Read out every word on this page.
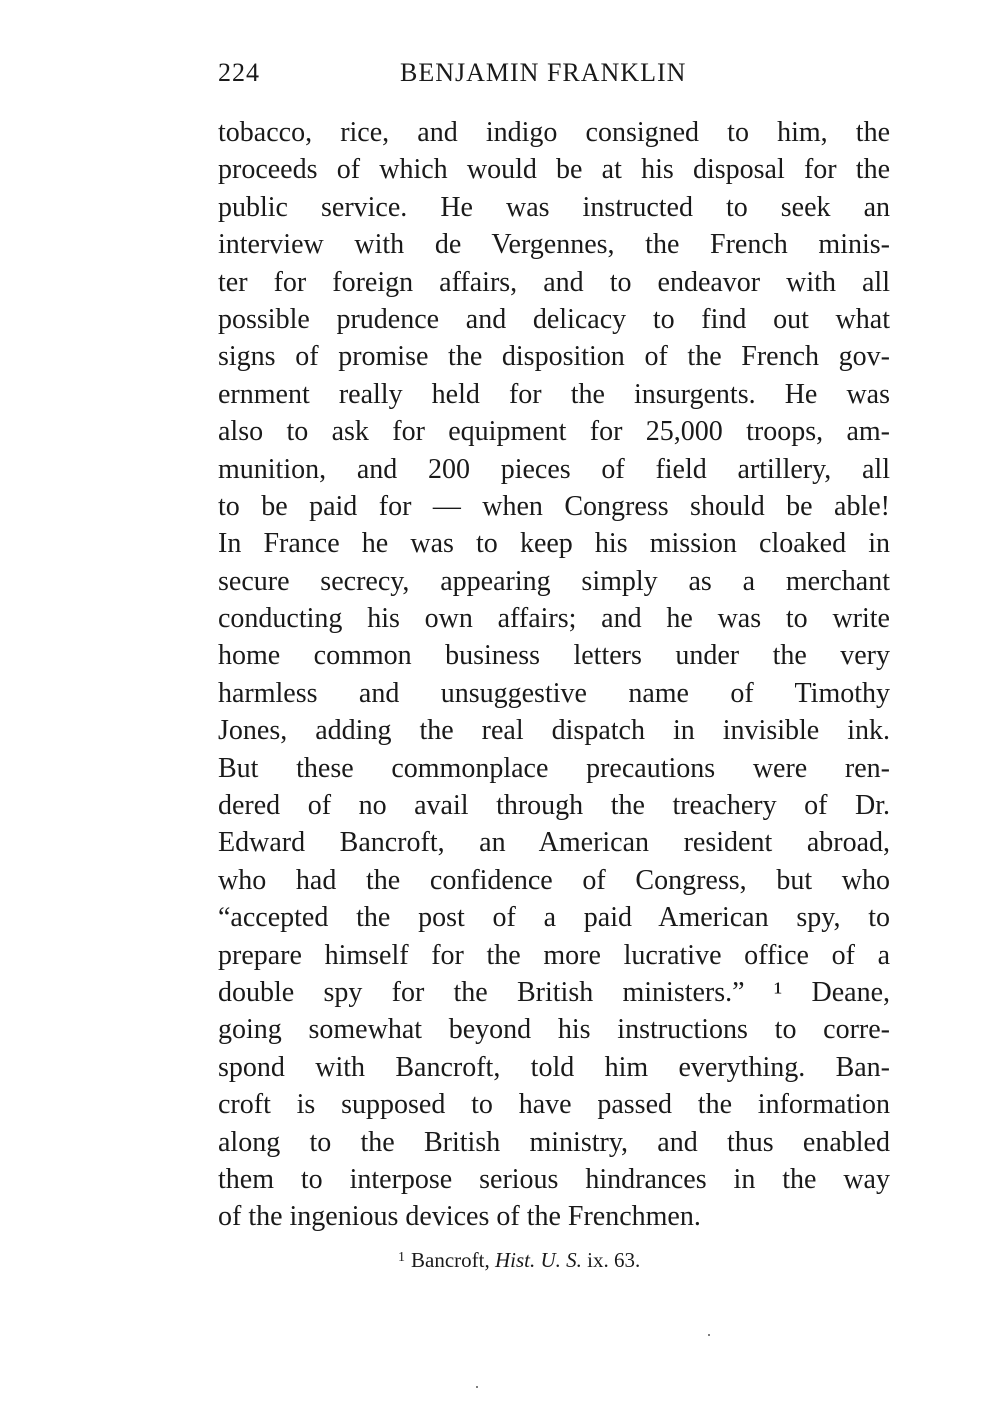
224	BENJAMIN FRANKLIN
tobacco, rice, and indigo consigned to him, the
proceeds of which would be at his disposal for the
public service. He was instructed to seek an
interview with de Vergennes, the French minis-
ter for foreign affairs, and to endeavor with all
possible prudence and delicacy to find out what
signs of promise the disposition of the French gov-
ernment really held for the insurgents. He was
also to ask for equipment for 25,000 troops, am-
munition, and 200 pieces of field artillery, all
to be paid for — when Congress should be able!
In France he was to keep his mission cloaked in
secure secrecy, appearing simply as a merchant
conducting his own affairs; and he was to write
home common business letters under the very
harmless and unsuggestive name of Timothy
Jones, adding the real dispatch in invisible ink.
But these commonplace precautions were ren-
dered of no avail through the treachery of Dr.
Edward Bancroft, an American resident abroad,
who had the confidence of Congress, but who
“accepted the post of a paid American spy, to
prepare himself for the more lucrative office of a
double spy for the British ministers.” ¹ Deane,
going somewhat beyond his instructions to corre-
spond with Bancroft, told him everything. Ban-
croft is supposed to have passed the information
along to the British ministry, and thus enabled
them to interpose serious hindrances in the way
of the ingenious devices of the Frenchmen.
$^1$ Bancroft, Hist. U. S. ix. 63.
